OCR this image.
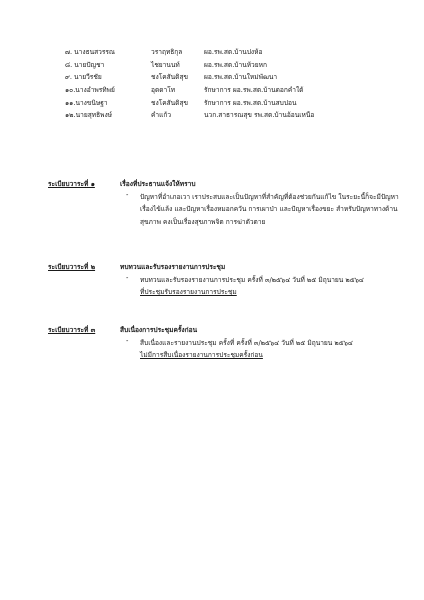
๗. นางธนสวรรณ	วราฤทธิกุล	ผอ.รพ.สต.บ้านปงห้อ
๘. นายปัญชา	ไชยานนท์	ผอ.รพ.สต.บ้านห้วยหก
๙. นายวีรชัย	ชงโคสันติสุข	ผอ.รพ.สต.บ้านใหม่พัฒนา
๑๐.นางอำพรทิพย์	อุดดาโท	รักษาการ ผอ.รพ.สต.บ้านดอกคำใต้
๑๑.นางขนิษฐา	ชงโคสันติสุข	รักษาการ ผอ.รพ.สต.บ้านสบปอน
๑๒.นายสุทธิพงษ์	คำแก้ว	นวก.สาธารณสุข รพ.สต.บ้านอ้อนเหนือ
ระเบียบวาระที่ ๑	เรื่องที่ประธานแจ้งให้ทราบ
-	ปัญหาที่อำเภอเวา เราประสบและเป็นปัญหาที่สำคัญที่ต้องช่วยกันแก้ไข ในระยะนี้ก็จะมีปัญหา

เรื่องไข้แล้ง และปัญหาเรื่องหมอกควัน การเผาป่า และปัญหาเรื่องขยะ สำหรับปัญหาทางด้าน

สุขภาพ คงเป็นเรื่องสุขภาพจิต การฆ่าตัวตาย

ระเบียบวาระที่ ๒	ทบทวนและรับรองรายงานการประชุม
-	ทบทวนและรับรองรายงานการประชุม ครั้งที่ ๓/๒๕๖๔ วันที่ ๒๕ มิถุนายน ๒๕๖๔

ที่ประชุมรับรองรายงานการประชุม

ระเบียบวาระที่ ๓	สืบเนื่องการประชุมครั้งก่อน
-	สืบเนื่องและรายงานประชุม ครั้งที่ ครั้งที่ ๓/๒๕๖๔ วันที่ ๒๕ มิถุนายน ๒๕๖๔

ไม่มีการสืบเนื่องรายงานการประชุมครั้งก่อน
